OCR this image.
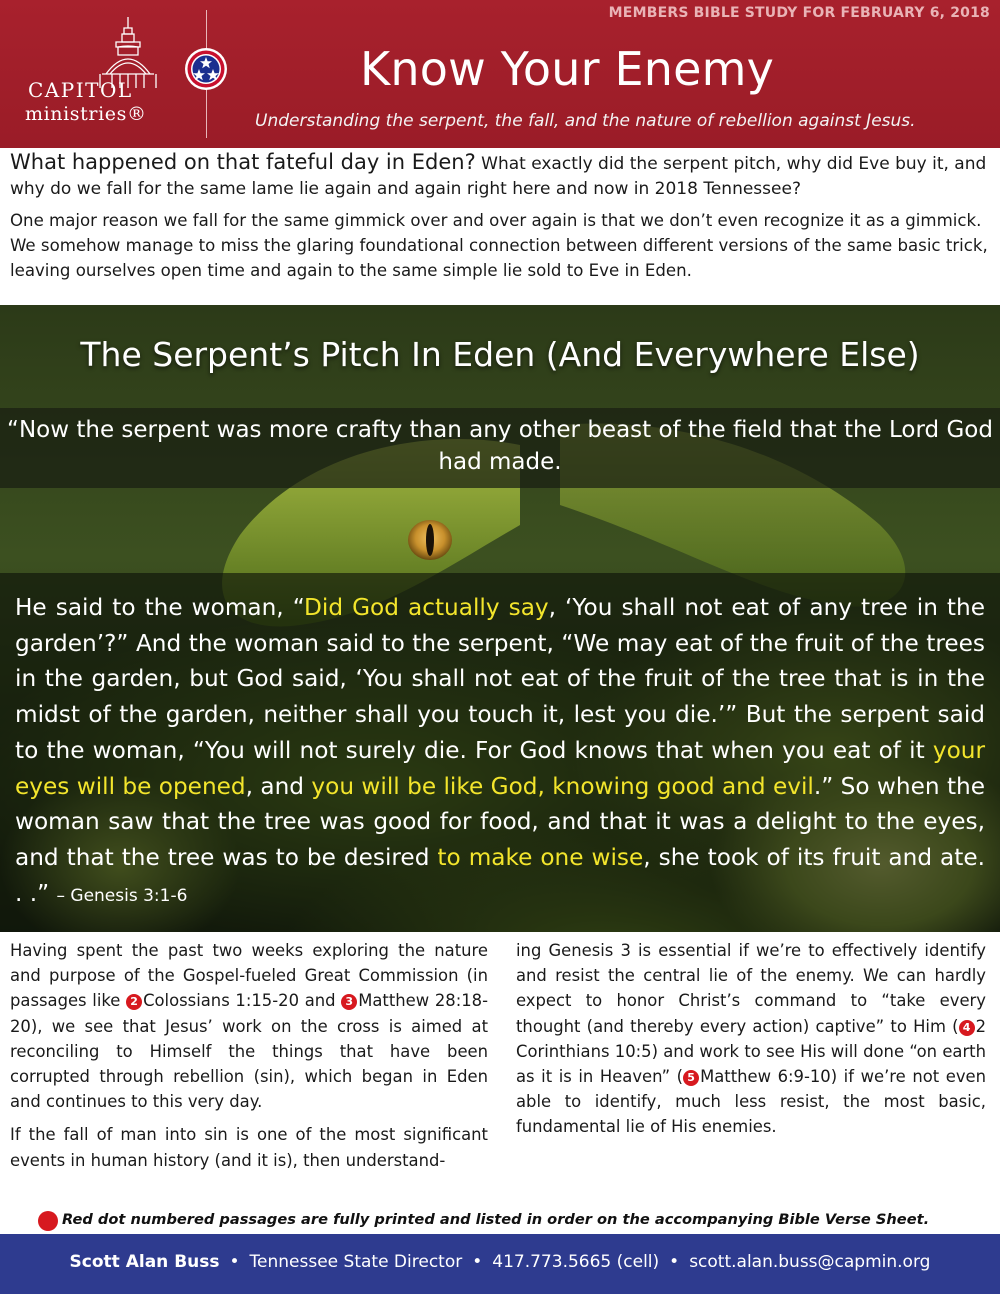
MEMBERS BIBLE STUDY FOR FEBRUARY 6, 2018
CAPITOL
ministries®
Know Your Enemy
Understanding the serpent, the fall, and the nature of rebellion against Jesus.

What happened on that fateful day in Eden? What exactly did the serpent pitch, why did Eve buy it, and why do we fall for the same lame lie again and again right here and now in 2018 Tennessee?

One major reason we fall for the same gimmick over and over again is that we don’t even recognize it as a gimmick. We somehow manage to miss the glaring foundational connection between different versions of the same basic trick, leaving ourselves open time and again to the same simple lie sold to Eve in Eden.

The Serpent’s Pitch In Eden (And Everywhere Else)
“Now the serpent was more crafty than any other beast of the field that the Lord God had made.
He said to the woman, “Did God actually say, ‘You shall not eat of any tree in the garden’?” And the woman said to the serpent, “We may eat of the fruit of the trees in the garden, but God said, ‘You shall not eat of the fruit of the tree that is in the midst of the garden, neither shall you touch it, lest you die.’” But the serpent said to the woman, “You will not surely die. For God knows that when you eat of it your eyes will be opened, and you will be like God, knowing good and evil.” So when the woman saw that the tree was good for food, and that it was a delight to the eyes, and that the tree was to be desired to make one wise, she took of its fruit and ate. . .” – Genesis 3:1-6

Having spent the past two weeks exploring the nature and purpose of the Gospel-fueled Great Commission (in passages like 2 Colossians 1:15-20 and 3 Matthew 28:18-20), we see that Jesus’ work on the cross is aimed at reconciling to Himself the things that have been corrupted through rebellion (sin), which began in Eden and continues to this very day.

If the fall of man into sin is one of the most significant events in human history (and it is), then understand-

ing Genesis 3 is essential if we’re to effectively identify and resist the central lie of the enemy. We can hardly expect to honor Christ’s command to “take every thought (and thereby every action) captive” to Him ( 4 2 Corinthians 10:5) and work to see His will done “on earth as it is in Heaven” ( 5 Matthew 6:9-10) if we’re not even able to identify, much less resist, the most basic, fundamental lie of His enemies.

Red dot numbered passages are fully printed and listed in order on the accompanying Bible Verse Sheet.
Scott Alan Buss • Tennessee State Director • 417.773.5665 (cell) • scott.alan.buss@capmin.org
